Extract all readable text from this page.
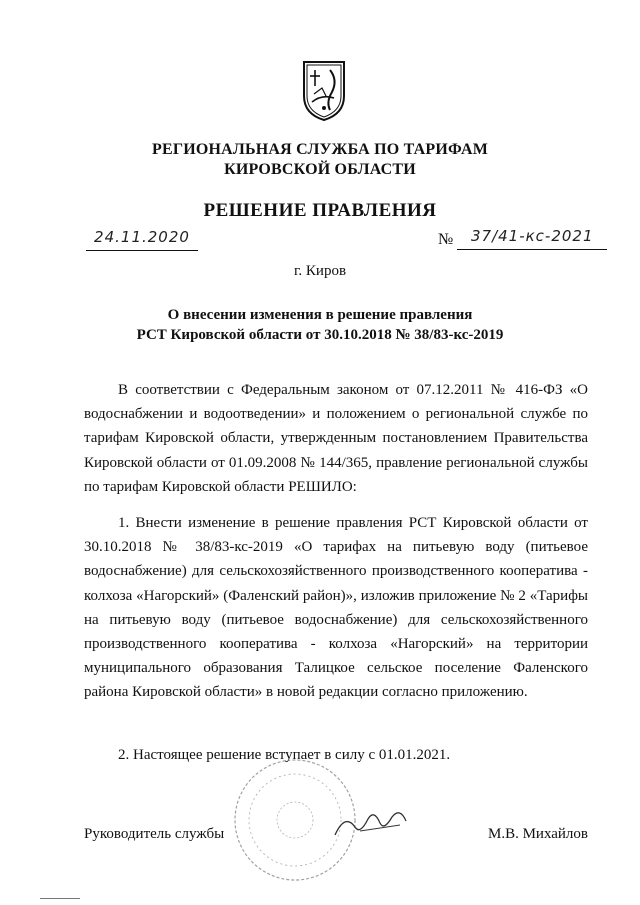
РЕГИОНАЛЬНАЯ СЛУЖБА ПО ТАРИФАМ
КИРОВСКОЙ ОБЛАСТИ
РЕШЕНИЕ ПРАВЛЕНИЯ
24.11.2020	№	37/41-кс-2021
г. Киров
О внесении изменения в решение правления
РСТ Кировской области от 30.10.2018 № 38/83-кс-2019

В соответствии с Федеральным законом от 07.12.2011 № 416-ФЗ «О водоснабжении и водоотведении» и положением о региональной службе по тарифам Кировской области, утвержденным постановлением Правительства Кировской области от 01.09.2008 № 144/365, правление региональной службы по тарифам Кировской области РЕШИЛО:

1. Внести изменение в решение правления РСТ Кировской области от 30.10.2018 № 38/83-кс-2019 «О тарифах на питьевую воду (питьевое водоснабжение) для сельскохозяйственного производственного кооператива - колхоза «Нагорский» (Фаленский район)», изложив приложение № 2 «Тарифы на питьевую воду (питьевое водоснабжение) для сельскохозяйственного производственного кооператива - колхоза «Нагорский» на территории муниципального образования Талицкое сельское поселение Фаленского района Кировской области» в новой редакции согласно приложению.

2. Настоящее решение вступает в силу с 01.01.2021.

Руководитель службы	М.В. Михайлов
